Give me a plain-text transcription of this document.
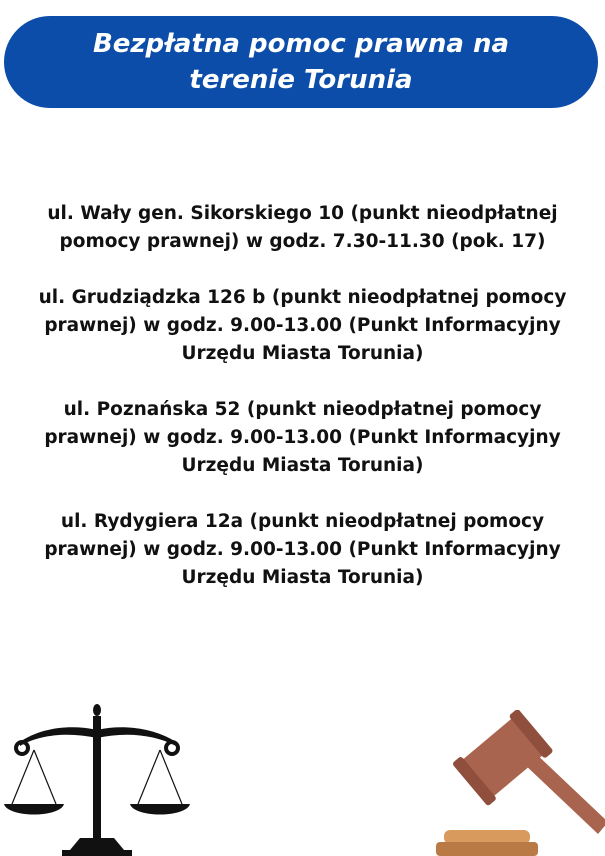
Bezpłatna pomoc prawna na terenie Torunia

ul. Wały gen. Sikorskiego 10 (punkt nieodpłatnej
pomocy prawnej) w godz. 7.30-11.30 (pok. 17)

ul. Grudziądzka 126 b (punkt nieodpłatnej pomocy
prawnej) w godz. 9.00-13.00 (Punkt Informacyjny
Urzędu Miasta Torunia)

ul. Poznańska 52 (punkt nieodpłatnej pomocy
prawnej) w godz. 9.00-13.00 (Punkt Informacyjny
Urzędu Miasta Torunia)

ul. Rydygiera 12a (punkt nieodpłatnej pomocy
prawnej) w godz. 9.00-13.00 (Punkt Informacyjny
Urzędu Miasta Torunia)
